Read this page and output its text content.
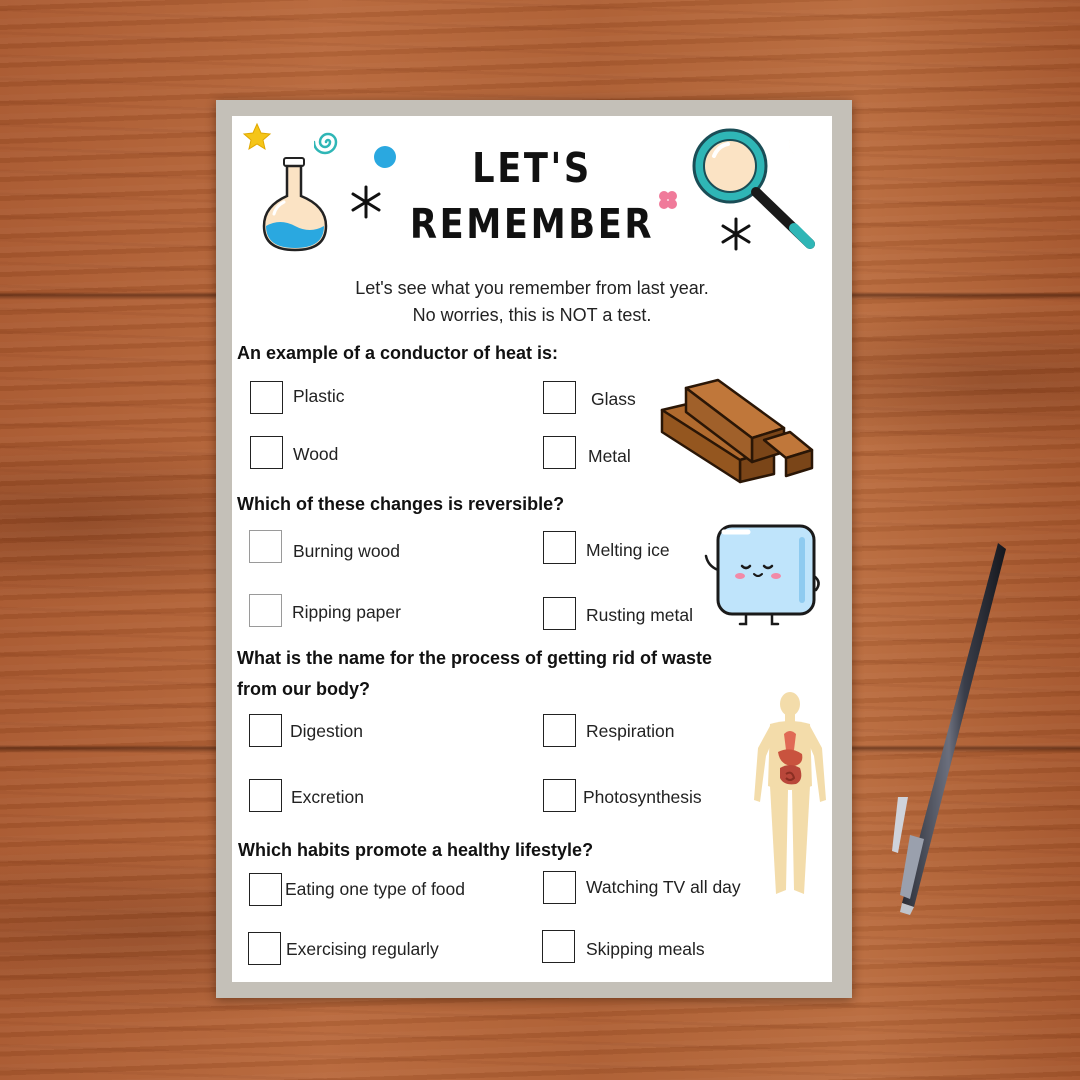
LET'S
REMEMBER
Let's see what you remember from last year.
No worries, this is NOT a test.
An example of a conductor of heat is:
Plastic	Glass
Wood	Metal
Which of these changes is reversible?
Burning wood	Melting ice
Ripping paper	Rusting metal
What is the name for the process of getting rid of waste
from our body?
Digestion	Respiration
Excretion	Photosynthesis
Which habits promote a healthy lifestyle?
Eating one type of food	Watching TV all day
Exercising regularly	Skipping meals
